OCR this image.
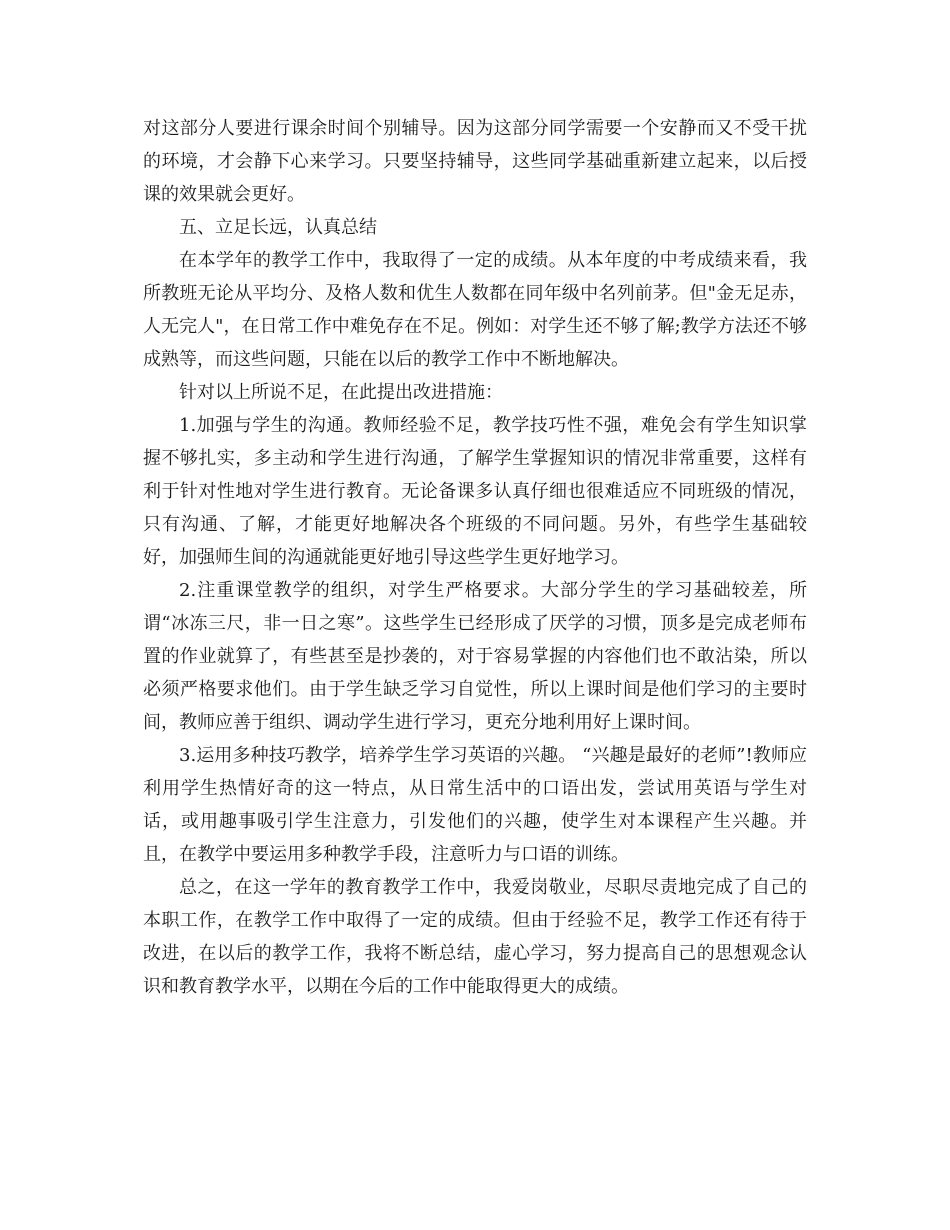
对这部分人要进行课余时间个别辅导。因为这部分同学需要一个安静而又不受干扰的环境，才会静下心来学习。只要坚持辅导，这些同学基础重新建立起来，以后授课的效果就会更好。

五、立足长远，认真总结

在本学年的教学工作中，我取得了一定的成绩。从本年度的中考成绩来看，我所教班无论从平均分、及格人数和优生人数都在同年级中名列前茅。但"金无足赤，人无完人"，在日常工作中难免存在不足。例如：对学生还不够了解;教学方法还不够成熟等，而这些问题，只能在以后的教学工作中不断地解决。

针对以上所说不足，在此提出改进措施：

1.加强与学生的沟通。教师经验不足，教学技巧性不强，难免会有学生知识掌握不够扎实，多主动和学生进行沟通，了解学生掌握知识的情况非常重要，这样有利于针对性地对学生进行教育。无论备课多认真仔细也很难适应不同班级的情况，只有沟通、了解，才能更好地解决各个班级的不同问题。另外，有些学生基础较好，加强师生间的沟通就能更好地引导这些学生更好地学习。

2.注重课堂教学的组织，对学生严格要求。大部分学生的学习基础较差，所谓“冰冻三尺，非一日之寒”。这些学生已经形成了厌学的习惯，顶多是完成老师布置的作业就算了，有些甚至是抄袭的，对于容易掌握的内容他们也不敢沾染，所以必须严格要求他们。由于学生缺乏学习自觉性，所以上课时间是他们学习的主要时间，教师应善于组织、调动学生进行学习，更充分地利用好上课时间。

3.运用多种技巧教学，培养学生学习英语的兴趣。 “兴趣是最好的老师”!教师应利用学生热情好奇的这一特点，从日常生活中的口语出发，尝试用英语与学生对话，或用趣事吸引学生注意力，引发他们的兴趣，使学生对本课程产生兴趣。并且，在教学中要运用多种教学手段，注意听力与口语的训练。

总之，在这一学年的教育教学工作中，我爱岗敬业，尽职尽责地完成了自己的本职工作，在教学工作中取得了一定的成绩。但由于经验不足，教学工作还有待于改进，在以后的教学工作，我将不断总结，虚心学习，努力提高自己的思想观念认识和教育教学水平，以期在今后的工作中能取得更大的成绩。
